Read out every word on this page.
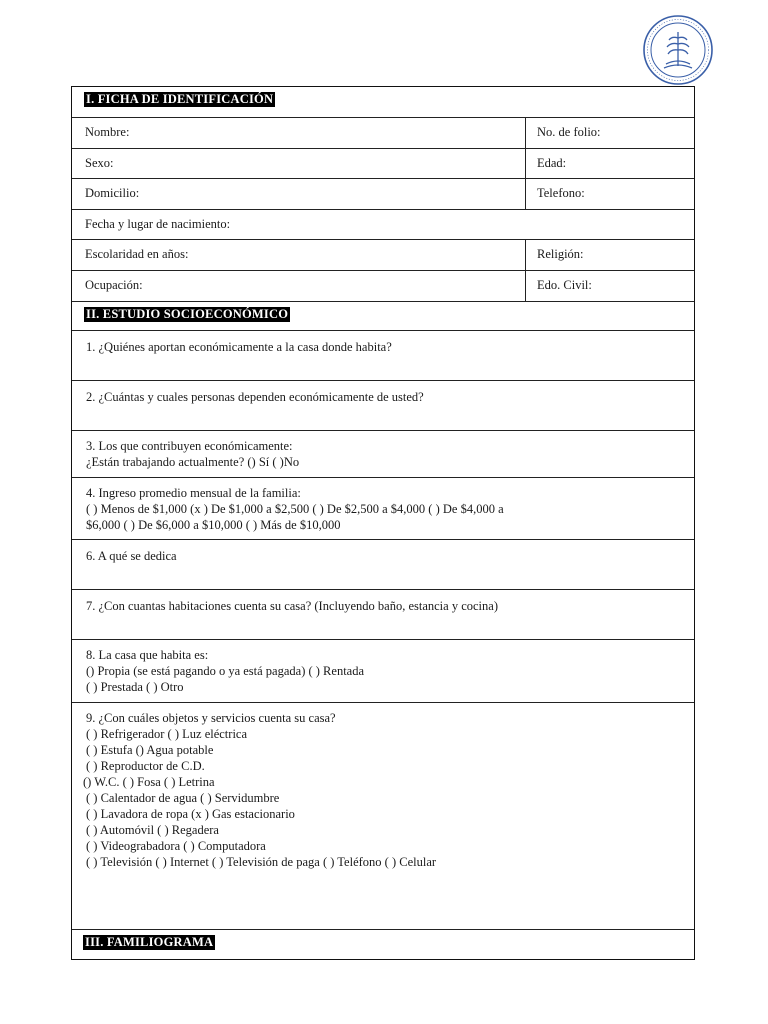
I. FICHA DE IDENTIFICACIÓN
Nombre:	No. de folio:
Sexo:	Edad:
Domicilio:	Telefono:
Fecha y lugar de nacimiento:
Escolaridad en años:	Religión:
Ocupación:	Edo. Civil:
II. ESTUDIO SOCIOECONÓMICO
1. ¿Quiénes aportan económicamente a la casa donde habita?
2. ¿Cuántas y cuales personas dependen económicamente de usted?
3. Los que contribuyen económicamente:
¿Están trabajando actualmente? () Sí ( )No
4. Ingreso promedio mensual de la familia:
( ) Menos de $1,000 (x ) De $1,000 a $2,500 ( ) De $2,500 a $4,000 ( ) De $4,000 a
$6,000 ( ) De $6,000 a $10,000 ( ) Más de $10,000
6. A qué se dedica
7. ¿Con cuantas habitaciones cuenta su casa? (Incluyendo baño, estancia y cocina)
8. La casa que habita es:
() Propia (se está pagando o ya está pagada) ( ) Rentada
( ) Prestada ( ) Otro
9. ¿Con cuáles objetos y servicios cuenta su casa?
( ) Refrigerador ( ) Luz eléctrica
( ) Estufa () Agua potable
( ) Reproductor de C.D.
() W.C. ( ) Fosa ( ) Letrina
( ) Calentador de agua ( ) Servidumbre
( ) Lavadora de ropa (x ) Gas estacionario
( ) Automóvil ( ) Regadera
( ) Videograbadora ( ) Computadora
( ) Televisión ( ) Internet ( ) Televisión de paga ( ) Teléfono ( ) Celular
III. FAMILIOGRAMA
